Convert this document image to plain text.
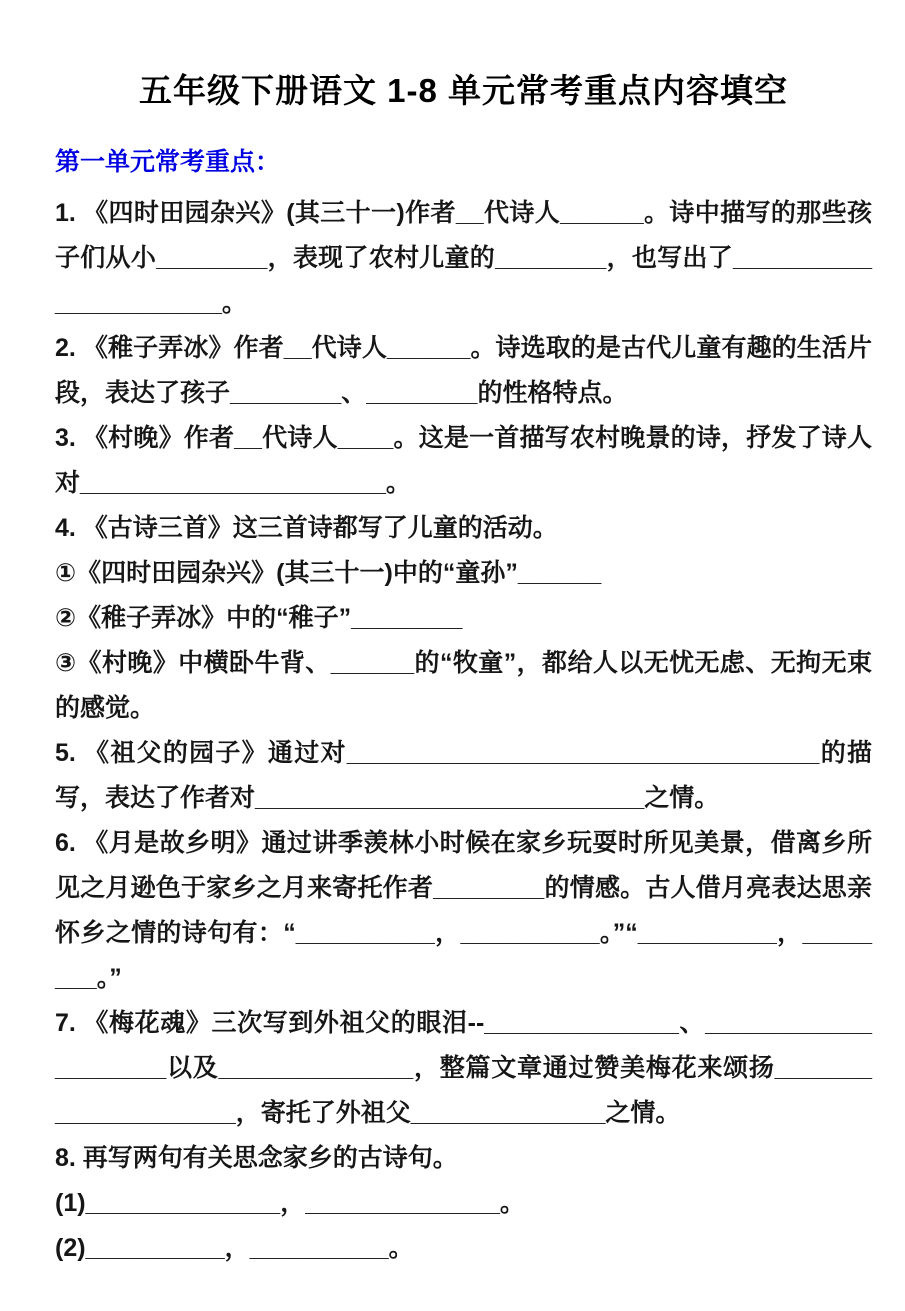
五年级下册语文 1-8 单元常考重点内容填空
第一单元常考重点：

1. 《四时田园杂兴》(其三十一)作者__代诗人______。诗中描写的那些孩子们从小________，表现了农村儿童的________，也写出了______________________。

2. 《稚子弄冰》作者__代诗人______。诗选取的是古代儿童有趣的生活片段，表达了孩子________、________的性格特点。

3. 《村晚》作者__代诗人____。这是一首描写农村晚景的诗，抒发了诗人对______________________。

4. 《古诗三首》这三首诗都写了儿童的活动。

①《四时田园杂兴》(其三十一)中的“童孙”______

②《稚子弄冰》中的“稚子”________

③《村晚》中横卧牛背、______的“牧童”，都给人以无忧无虑、无拘无束的感觉。

5. 《祖父的园子》通过对__________________________________的描写，表达了作者对____________________________之情。

6. 《月是故乡明》通过讲季羡林小时候在家乡玩耍时所见美景，借离乡所见之月逊色于家乡之月来寄托作者________的情感。古人借月亮表达思亲怀乡之情的诗句有：“__________，__________。”“__________，________。”

7. 《梅花魂》三次写到外祖父的眼泪--______________、____________________以及______________，整篇文章通过赞美梅花来颂扬____________________，寄托了外祖父______________之情。

8. 再写两句有关思念家乡的古诗句。

(1)______________，______________。

(2)__________，__________。
